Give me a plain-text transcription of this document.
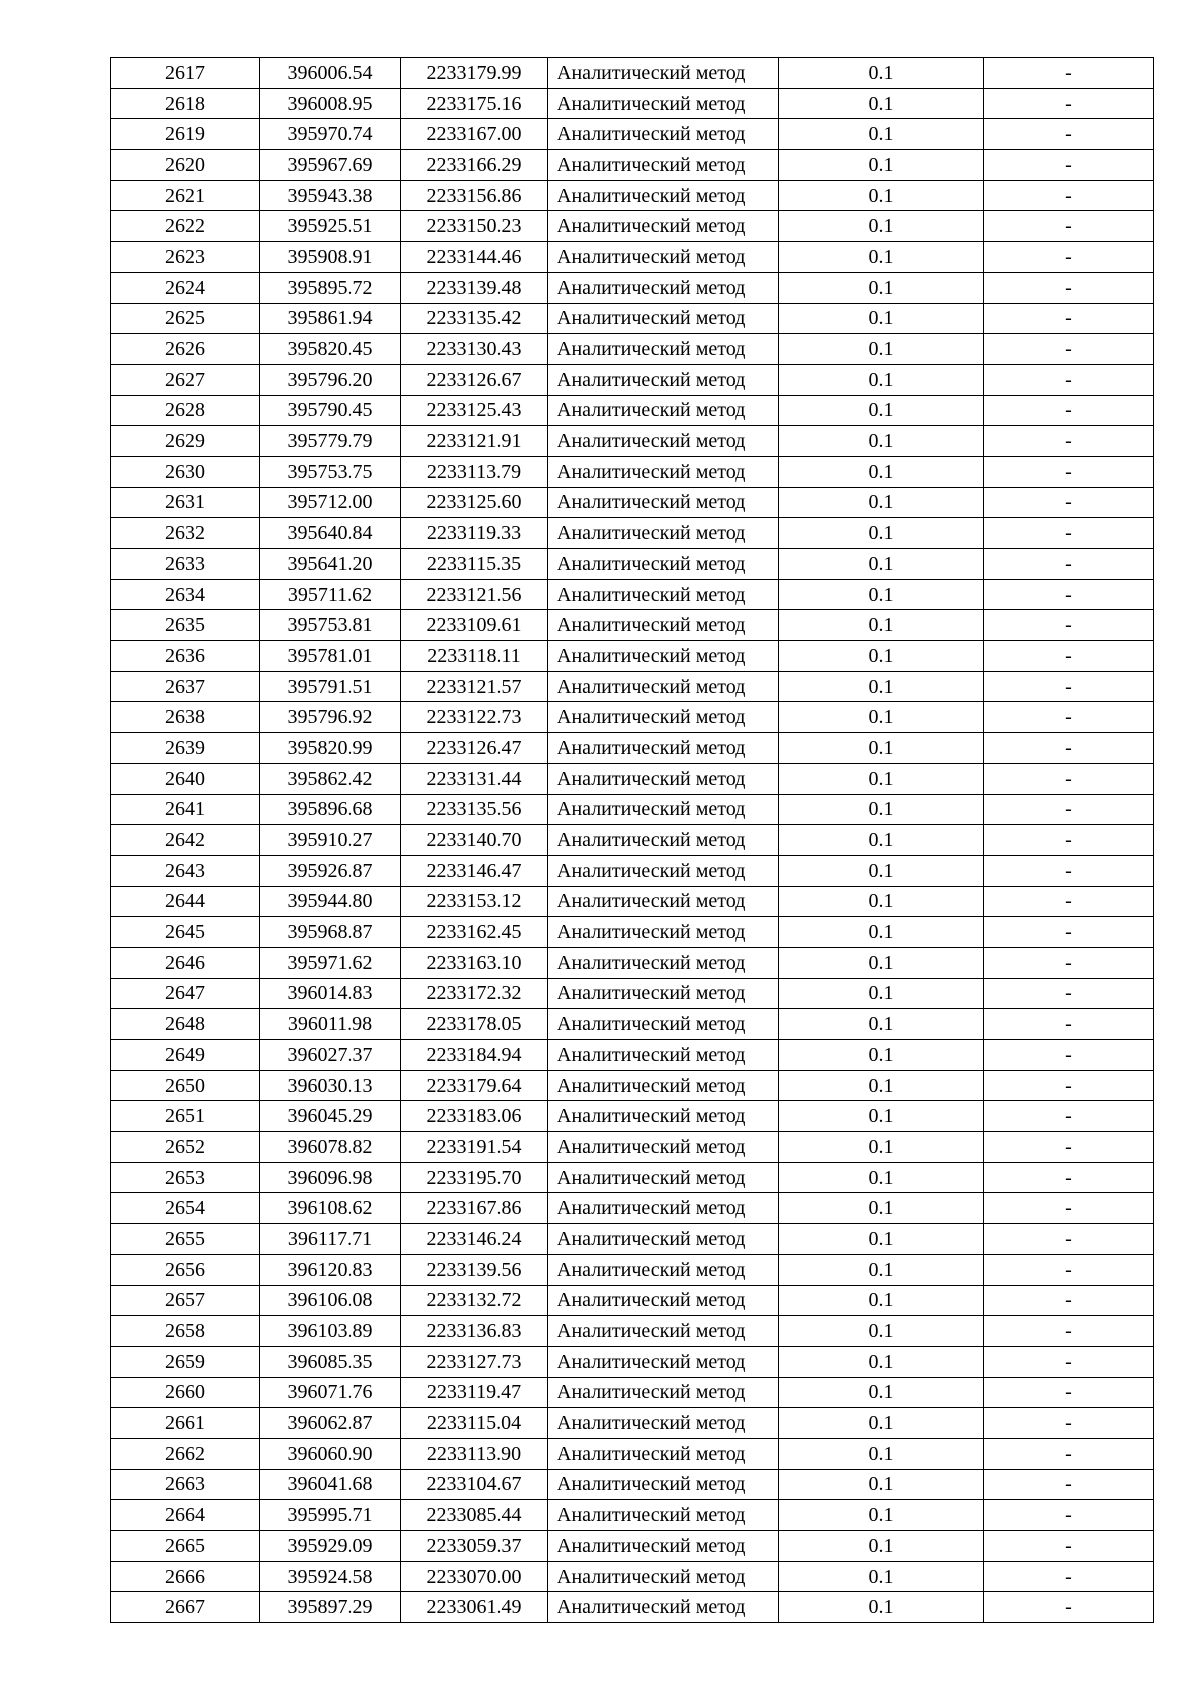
2617	396006.54	2233179.99	Аналитический метод	0.1	-
2618	396008.95	2233175.16	Аналитический метод	0.1	-
2619	395970.74	2233167.00	Аналитический метод	0.1	-
2620	395967.69	2233166.29	Аналитический метод	0.1	-
2621	395943.38	2233156.86	Аналитический метод	0.1	-
2622	395925.51	2233150.23	Аналитический метод	0.1	-
2623	395908.91	2233144.46	Аналитический метод	0.1	-
2624	395895.72	2233139.48	Аналитический метод	0.1	-
2625	395861.94	2233135.42	Аналитический метод	0.1	-
2626	395820.45	2233130.43	Аналитический метод	0.1	-
2627	395796.20	2233126.67	Аналитический метод	0.1	-
2628	395790.45	2233125.43	Аналитический метод	0.1	-
2629	395779.79	2233121.91	Аналитический метод	0.1	-
2630	395753.75	2233113.79	Аналитический метод	0.1	-
2631	395712.00	2233125.60	Аналитический метод	0.1	-
2632	395640.84	2233119.33	Аналитический метод	0.1	-
2633	395641.20	2233115.35	Аналитический метод	0.1	-
2634	395711.62	2233121.56	Аналитический метод	0.1	-
2635	395753.81	2233109.61	Аналитический метод	0.1	-
2636	395781.01	2233118.11	Аналитический метод	0.1	-
2637	395791.51	2233121.57	Аналитический метод	0.1	-
2638	395796.92	2233122.73	Аналитический метод	0.1	-
2639	395820.99	2233126.47	Аналитический метод	0.1	-
2640	395862.42	2233131.44	Аналитический метод	0.1	-
2641	395896.68	2233135.56	Аналитический метод	0.1	-
2642	395910.27	2233140.70	Аналитический метод	0.1	-
2643	395926.87	2233146.47	Аналитический метод	0.1	-
2644	395944.80	2233153.12	Аналитический метод	0.1	-
2645	395968.87	2233162.45	Аналитический метод	0.1	-
2646	395971.62	2233163.10	Аналитический метод	0.1	-
2647	396014.83	2233172.32	Аналитический метод	0.1	-
2648	396011.98	2233178.05	Аналитический метод	0.1	-
2649	396027.37	2233184.94	Аналитический метод	0.1	-
2650	396030.13	2233179.64	Аналитический метод	0.1	-
2651	396045.29	2233183.06	Аналитический метод	0.1	-
2652	396078.82	2233191.54	Аналитический метод	0.1	-
2653	396096.98	2233195.70	Аналитический метод	0.1	-
2654	396108.62	2233167.86	Аналитический метод	0.1	-
2655	396117.71	2233146.24	Аналитический метод	0.1	-
2656	396120.83	2233139.56	Аналитический метод	0.1	-
2657	396106.08	2233132.72	Аналитический метод	0.1	-
2658	396103.89	2233136.83	Аналитический метод	0.1	-
2659	396085.35	2233127.73	Аналитический метод	0.1	-
2660	396071.76	2233119.47	Аналитический метод	0.1	-
2661	396062.87	2233115.04	Аналитический метод	0.1	-
2662	396060.90	2233113.90	Аналитический метод	0.1	-
2663	396041.68	2233104.67	Аналитический метод	0.1	-
2664	395995.71	2233085.44	Аналитический метод	0.1	-
2665	395929.09	2233059.37	Аналитический метод	0.1	-
2666	395924.58	2233070.00	Аналитический метод	0.1	-
2667	395897.29	2233061.49	Аналитический метод	0.1	-
